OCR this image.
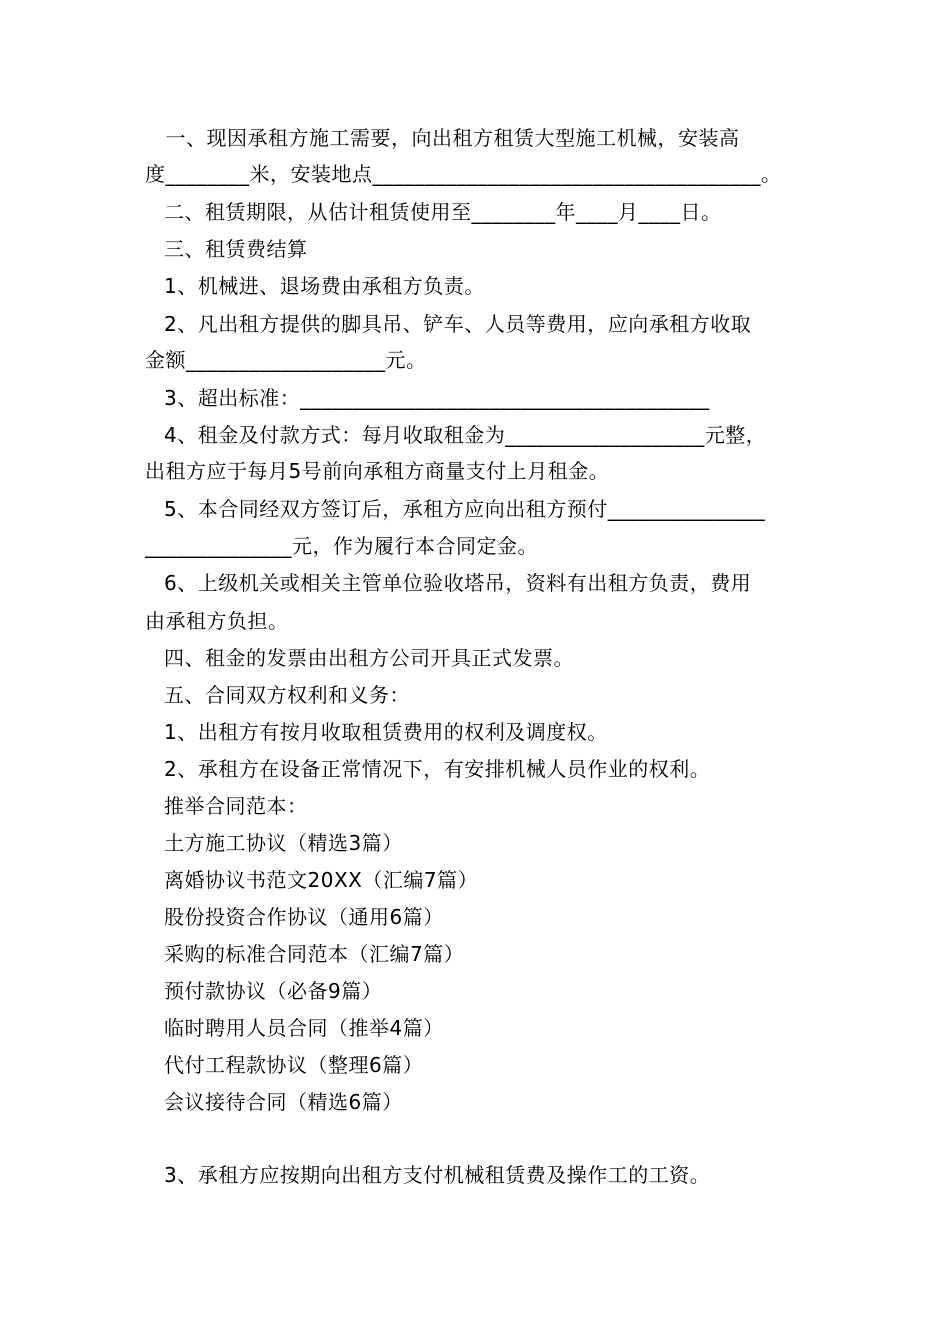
　一、现因承租方施工需要，向出租方租赁大型施工机械，安装高
度________米，安装地点_____________________________________。
二、租赁期限，从估计租赁使用至________年____月____日。
三、租赁费结算
1、机械进、退场费由承租方负责。
2、凡出租方提供的脚具吊、铲车、人员等费用，应向承租方收取
金额___________________元。
3、超出标准：_______________________________________
4、租金及付款方式：每月收取租金为___________________元整，
出租方应于每月5号前向承租方商量支付上月租金。
5、本合同经双方签订后，承租方应向出租方预付_______________
______________元，作为履行本合同定金。
6、上级机关或相关主管单位验收塔吊，资料有出租方负责，费用
由承租方负担。
四、租金的发票由出租方公司开具正式发票。
五、合同双方权利和义务：
1、出租方有按月收取租赁费用的权利及调度权。
2、承租方在设备正常情况下，有安排机械人员作业的权利。
推举合同范本：
土方施工协议（精选3篇）
离婚协议书范文20XX（汇编7篇）
股份投资合作协议（通用6篇）
采购的标准合同范本（汇编7篇）
预付款协议（必备9篇）
临时聘用人员合同（推举4篇）
代付工程款协议（整理6篇）
会议接待合同（精选6篇）
3、承租方应按期向出租方支付机械租赁费及操作工的工资。
